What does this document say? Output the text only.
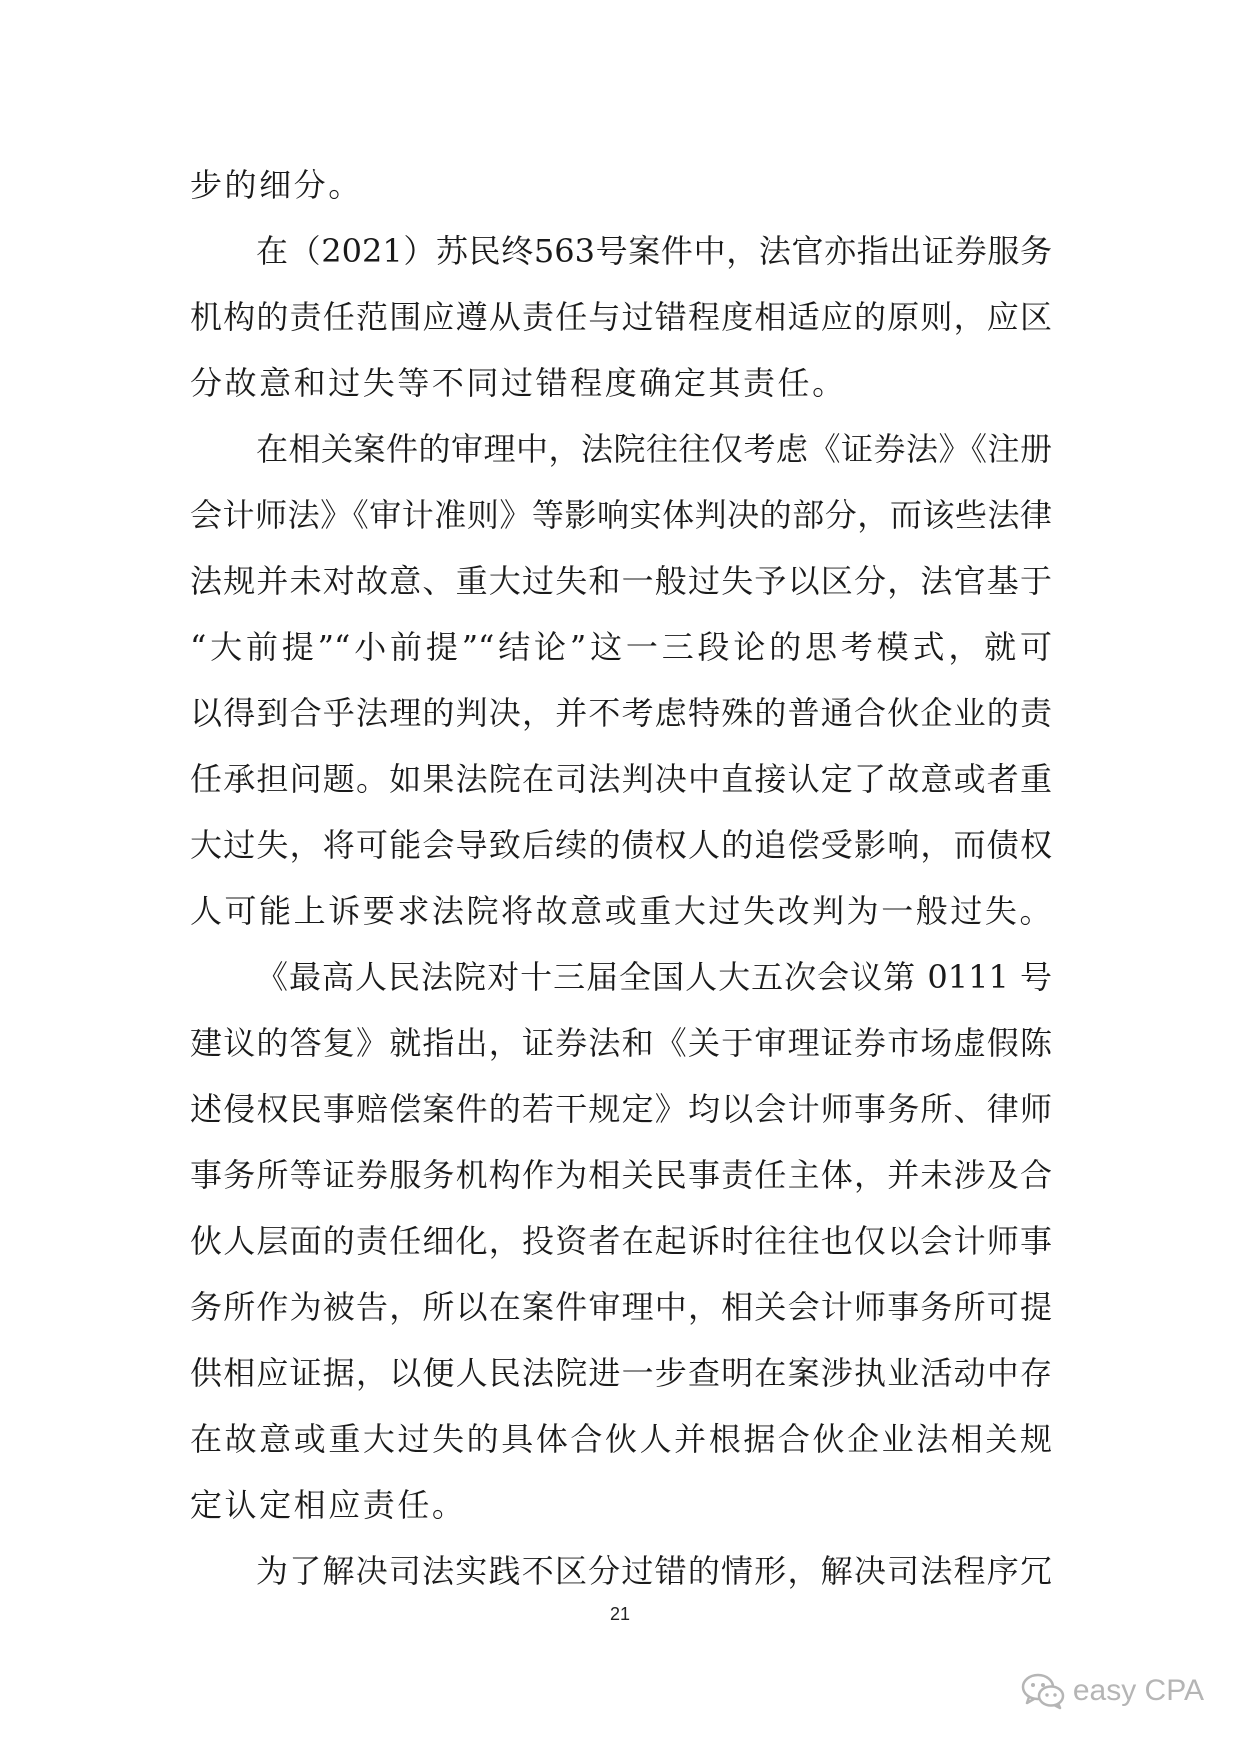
步的细分。
在（2021）苏民终563号案件中，法官亦指出证券服务
机构的责任范围应遵从责任与过错程度相适应的原则，应区
分故意和过失等不同过错程度确定其责任。
在相关案件的审理中，法院往往仅考虑《证券法》《注册
会计师法》《审计准则》等影响实体判决的部分，而该些法律
法规并未对故意、重大过失和一般过失予以区分，法官基于
“大前提”“小前提”“结论”这一三段论的思考模式，就可
以得到合乎法理的判决，并不考虑特殊的普通合伙企业的责
任承担问题。如果法院在司法判决中直接认定了故意或者重
大过失，将可能会导致后续的债权人的追偿受影响，而债权
人可能上诉要求法院将故意或重大过失改判为一般过失。
《最高人民法院对十三届全国人大五次会议第 0111 号
建议的答复》就指出，证券法和《关于审理证券市场虚假陈
述侵权民事赔偿案件的若干规定》均以会计师事务所、律师
事务所等证券服务机构作为相关民事责任主体，并未涉及合
伙人层面的责任细化，投资者在起诉时往往也仅以会计师事
务所作为被告，所以在案件审理中，相关会计师事务所可提
供相应证据，以便人民法院进一步查明在案涉执业活动中存
在故意或重大过失的具体合伙人并根据合伙企业法相关规
定认定相应责任。
为了解决司法实践不区分过错的情形，解决司法程序冗
21
easy CPA
